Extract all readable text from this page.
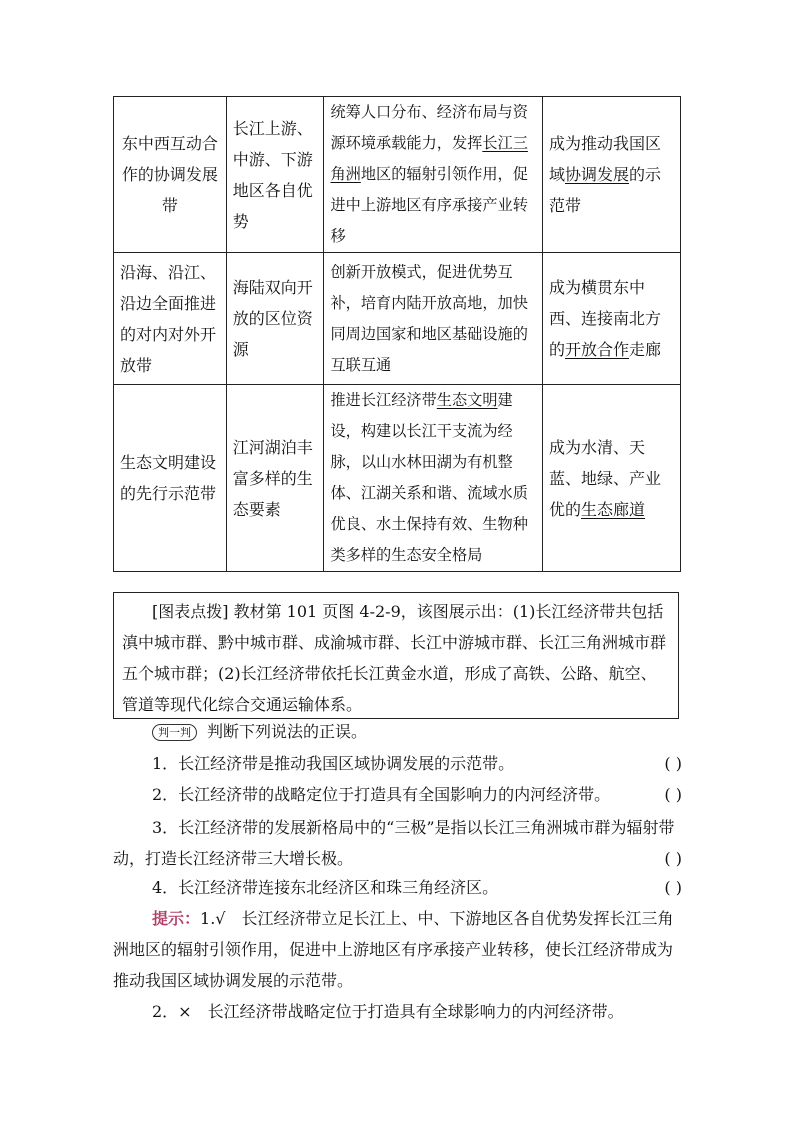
东中西互动合作的协调发展带	长江上游、中游、下游地区各自优势	统筹人口分布、经济布局与资源环境承载能力，发挥长江三角洲地区的辐射引领作用，促进中上游地区有序承接产业转移	成为推动我国区域协调发展的示范带
沿海、沿江、沿边全面推进的对内对外开放带	海陆双向开放的区位资源	创新开放模式，促进优势互补，培育内陆开放高地，加快同周边国家和地区基础设施的互联互通	成为横贯东中西、连接南北方的开放合作走廊
生态文明建设的先行示范带	江河湖泊丰富多样的生态要素	推进长江经济带生态文明建设，构建以长江干支流为经脉，以山水林田湖为有机整体、江湖关系和谐、流域水质优良、水土保持有效、生物种类多样的生态安全格局	成为水清、天蓝、地绿、产业优的生态廊道
[图表点拨] 教材第 101 页图 4-2-9，该图展示出：(1)长江经济带共包括滇中城市群、黔中城市群、成渝城市群、长江中游城市群、长江三角洲城市群五个城市群；(2)长江经济带依托长江黄金水道，形成了高铁、公路、航空、管道等现代化综合交通运输体系。
判一判	判断下列说法的正误。
1．长江经济带是推动我国区域协调发展的示范带。	( )
2．长江经济带的战略定位于打造具有全国影响力的内河经济带。	( )
3．长江经济带的发展新格局中的“三极”是指以长江三角洲城市群为辐射带动，打造长江经济带三大增长极。	( )
4．长江经济带连接东北经济区和珠三角经济区。	( )
提示：1.√　长江经济带立足长江上、中、下游地区各自优势发挥长江三角洲地区的辐射引领作用，促进中上游地区有序承接产业转移，使长江经济带成为推动我国区域协调发展的示范带。
2．×　长江经济带战略定位于打造具有全球影响力的内河经济带。
